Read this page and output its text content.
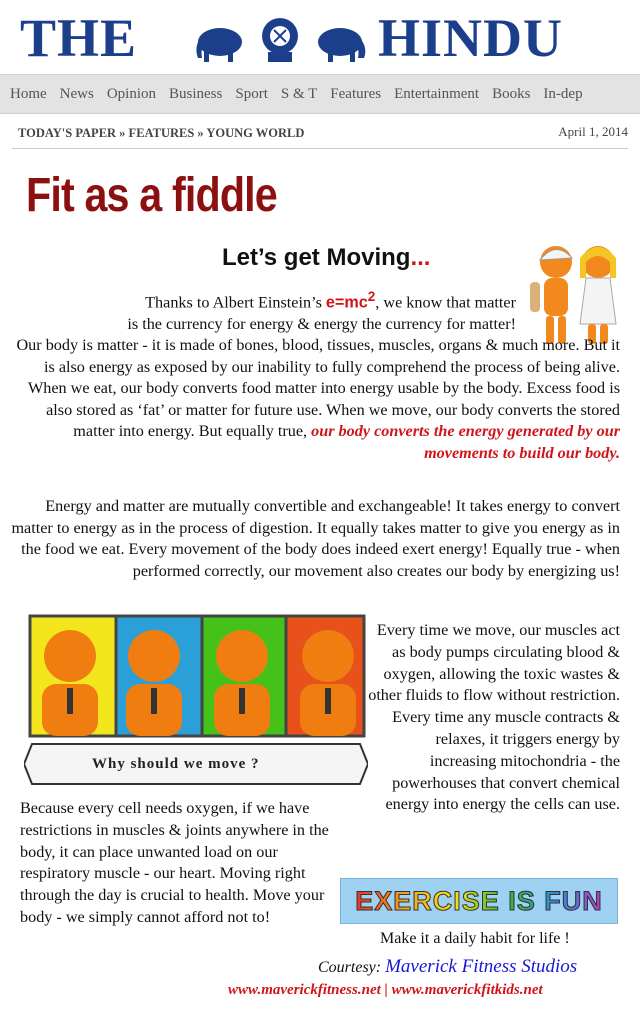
THE	HINDU
Home News Opinion Business Sport S & T Features Entertainment Books In-dep
TODAY'S PAPER » FEATURES » YOUNG WORLD	April 1, 2014
Fit as a fiddle
Let’s get Moving...
Thanks to Albert Einstein’s $e=mc^2$, we know that matter
is the currency for energy & energy the currency for matter!
Our body is matter - it is made of bones, blood, tissues, muscles, organs & much more. But it is also energy as exposed by our inability to fully comprehend the process of being alive. When we eat, our body converts food matter into energy usable by the body. Excess food is also stored as ‘fat’ or matter for future use. When we move, our body converts the stored matter into energy. But equally true, our body converts the energy generated by our movements to build our body.
Energy and matter are mutually convertible and exchangeable! It takes energy to convert matter to energy as in the process of digestion. It equally takes matter to give you energy as in the food we eat. Every movement of the body does indeed exert energy! Equally true - when performed correctly, our movement also creates our body by energizing us!
Why should we move ?
Every time we move, our muscles act as body pumps circulating blood & oxygen, allowing the toxic wastes & other fluids to flow without restriction. Every time any muscle contracts & relaxes, it triggers energy by increasing mitochondria - the powerhouses that convert chemical energy into energy the cells can use.
Because every cell needs oxygen, if we have restrictions in muscles & joints anywhere in the body, it can place unwanted load on our respiratory muscle - our heart. Moving right through the day is crucial to health. Move your body - we simply cannot afford not to!
EXERCISE IS FUN
Make it a daily habit for life !
Courtesy: Maverick Fitness Studios
www.maverickfitness.net | www.maverickfitkids.net
